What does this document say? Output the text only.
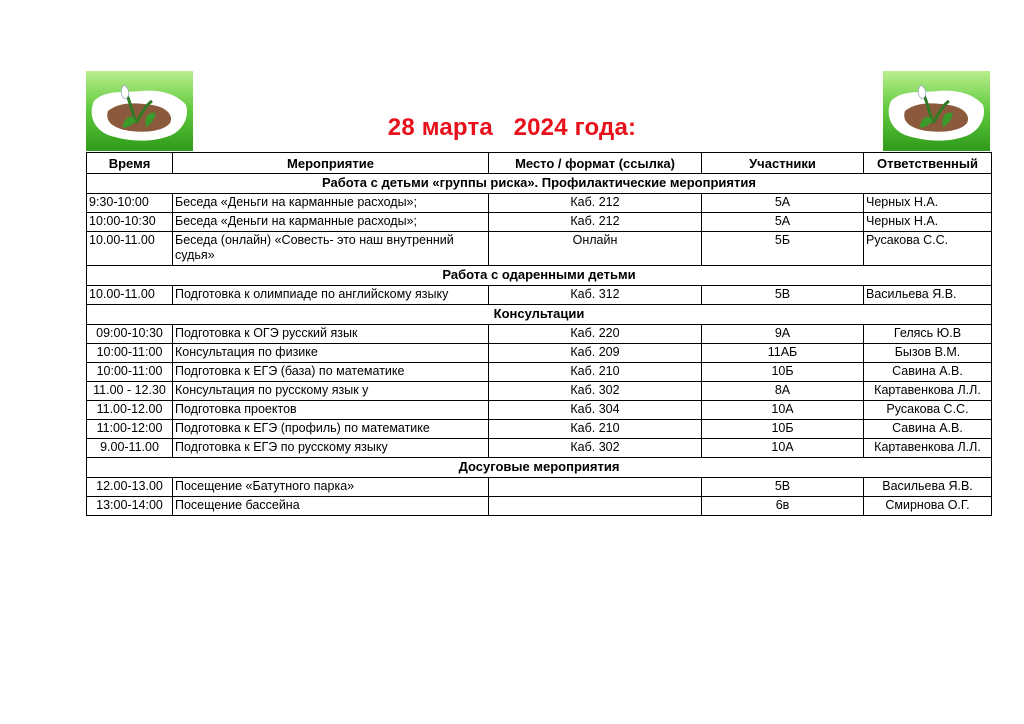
28 марта   2024 года:
Время	Мероприятие	Место / формат (ссылка)	Участники	Ответственный
Работа с детьми «группы риска». Профилактические мероприятия				
9:30-10:00	Беседа «Деньги на карманные расходы»;	Каб. 212	5А	Черных Н.А.
10:00-10:30	Беседа «Деньги на карманные расходы»;	Каб. 212	5А	Черных Н.А.
10.00-11.00	Беседа (онлайн) «Совесть- это наш внутренний судья»	Онлайн	5Б	Русакова С.С.
Работа с одаренными детьми				
10.00-11.00	Подготовка к олимпиаде по английскому языку	Каб. 312	5В	Васильева Я.В.
Консультации				
09:00-10:30	Подготовка к ОГЭ русский язык	Каб. 220	9А	Гелясь Ю.В
10:00-11:00	Консультация по физике	Каб. 209	11АБ	Бызов В.М.
10:00-11:00	Подготовка к ЕГЭ (база) по математике	Каб. 210	10Б	Савина А.В.
11.00 - 12.30	Консультация по русскому язык у	Каб. 302	8А	Картавенкова Л.Л.
11.00-12.00	Подготовка проектов	Каб. 304	10А	Русакова С.С.
11:00-12:00	Подготовка к ЕГЭ (профиль) по математике	Каб. 210	10Б	Савина А.В.
9.00-11.00	Подготовка к ЕГЭ по русскому языку	Каб. 302	10А	Картавенкова Л.Л.
Досуговые мероприятия				
12.00-13.00	Посещение «Батутного парка»		5В	Васильева Я.В.
13:00-14:00	Посещение бассейна		6в	Смирнова О.Г.
